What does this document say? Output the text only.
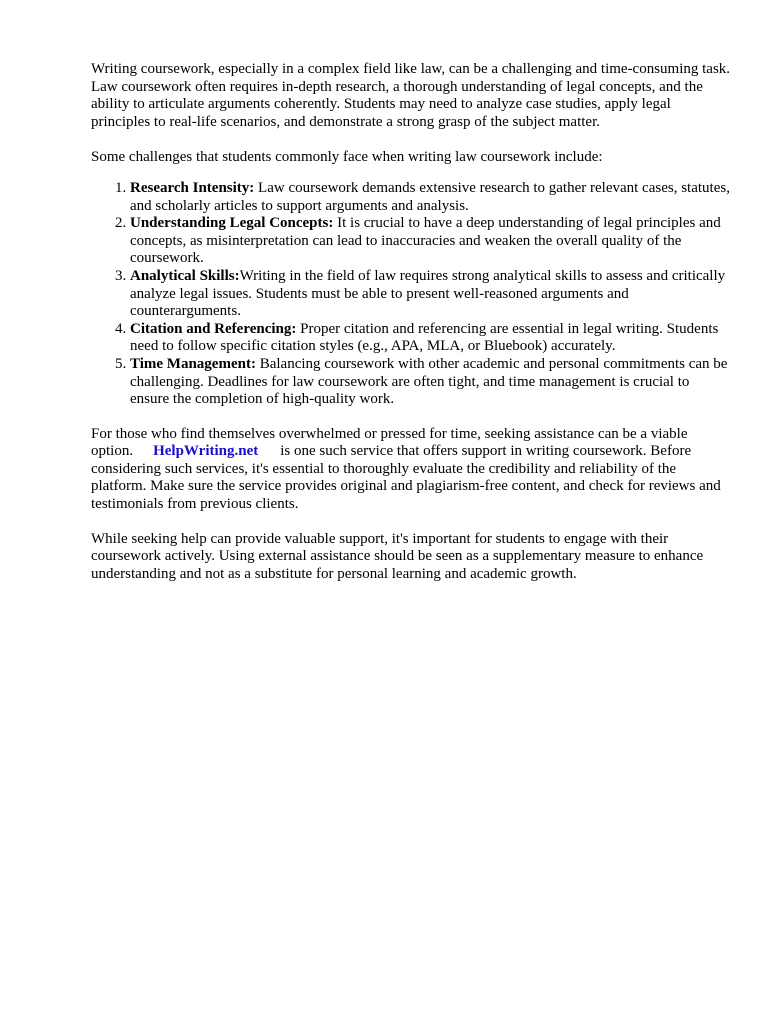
Writing coursework, especially in a complex field like law, can be a challenging and time-consuming task. Law coursework often requires in-depth research, a thorough understanding of legal concepts, and the ability to articulate arguments coherently. Students may need to analyze case studies, apply legal principles to real-life scenarios, and demonstrate a strong grasp of the subject matter.

Some challenges that students commonly face when writing law coursework include:

1. Research Intensity: Law coursework demands extensive research to gather relevant cases, statutes, and scholarly articles to support arguments and analysis.
2. Understanding Legal Concepts: It is crucial to have a deep understanding of legal principles and concepts, as misinterpretation can lead to inaccuracies and weaken the overall quality of the coursework.
3. Analytical Skills:Writing in the field of law requires strong analytical skills to assess and critically analyze legal issues. Students must be able to present well-reasoned arguments and counterarguments.
4. Citation and Referencing: Proper citation and referencing are essential in legal writing. Students need to follow specific citation styles (e.g., APA, MLA, or Bluebook) accurately.
5. Time Management: Balancing coursework with other academic and personal commitments can be challenging. Deadlines for law coursework are often tight, and time management is crucial to ensure the completion of high-quality work.

For those who find themselves overwhelmed or pressed for time, seeking assistance can be a viable option. HelpWriting.net is one such service that offers support in writing coursework. Before considering such services, it's essential to thoroughly evaluate the credibility and reliability of the platform. Make sure the service provides original and plagiarism-free content, and check for reviews and testimonials from previous clients.

While seeking help can provide valuable support, it's important for students to engage with their coursework actively. Using external assistance should be seen as a supplementary measure to enhance understanding and not as a substitute for personal learning and academic growth.
